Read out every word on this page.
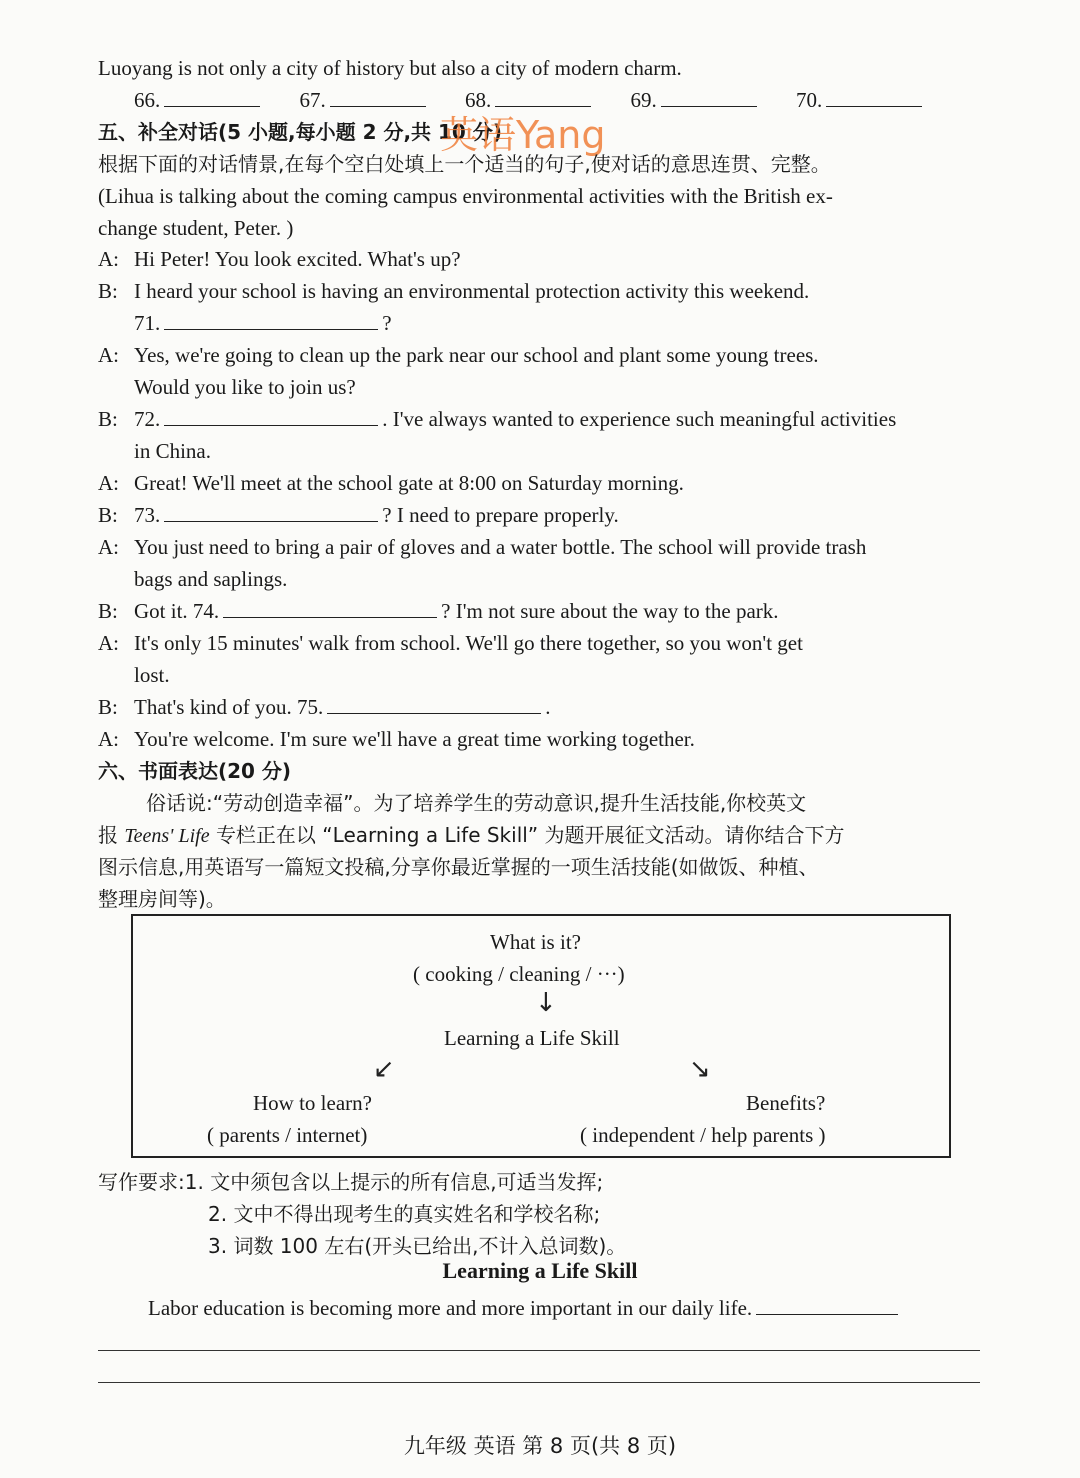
Luoyang is not only a city of history but also a city of modern charm.
66.	67.	68.	69.	70.
五、补全对话(5 小题,每小题 2 分,共 10 分)
英语Yang
根据下面的对话情景,在每个空白处填上一个适当的句子,使对话的意思连贯、完整。
(Lihua is talking about the coming campus environmental activities with the British ex-
change student, Peter. )
A: Hi Peter! You look excited. What's up?
B: I heard your school is having an environmental protection activity this weekend.
71.	?
A: Yes, we're going to clean up the park near our school and plant some young trees.
Would you like to join us?
B: 72.	. I've always wanted to experience such meaningful activities
in China.
A: Great! We'll meet at the school gate at 8:00 on Saturday morning.
B: 73.	? I need to prepare properly.
A: You just need to bring a pair of gloves and a water bottle. The school will provide trash
bags and saplings.
B: Got it. 74.	? I'm not sure about the way to the park.
A: It's only 15 minutes' walk from school. We'll go there together, so you won't get
lost.
B: That's kind of you. 75.	.
A: You're welcome. I'm sure we'll have a great time working together.
六、书面表达(20 分)
俗话说:“劳动创造幸福”。为了培养学生的劳动意识,提升生活技能,你校英文
报 Teens' Life 专栏正在以 “Learning a Life Skill” 为题开展征文活动。请你结合下方
图示信息,用英语写一篇短文投稿,分享你最近掌握的一项生活技能(如做饭、种植、
整理房间等)。
What is it?
( cooking / cleaning / ···)
↓
Learning a Life Skill
↙	↘
How to learn?
( parents / internet)
Benefits?
( independent / help parents )
写作要求:1. 文中须包含以上提示的所有信息,可适当发挥;
2. 文中不得出现考生的真实姓名和学校名称;
3. 词数 100 左右(开头已给出,不计入总词数)。
Learning a Life Skill
Labor education is becoming more and more important in our daily life.
九年级 英语 第 8 页(共 8 页)
